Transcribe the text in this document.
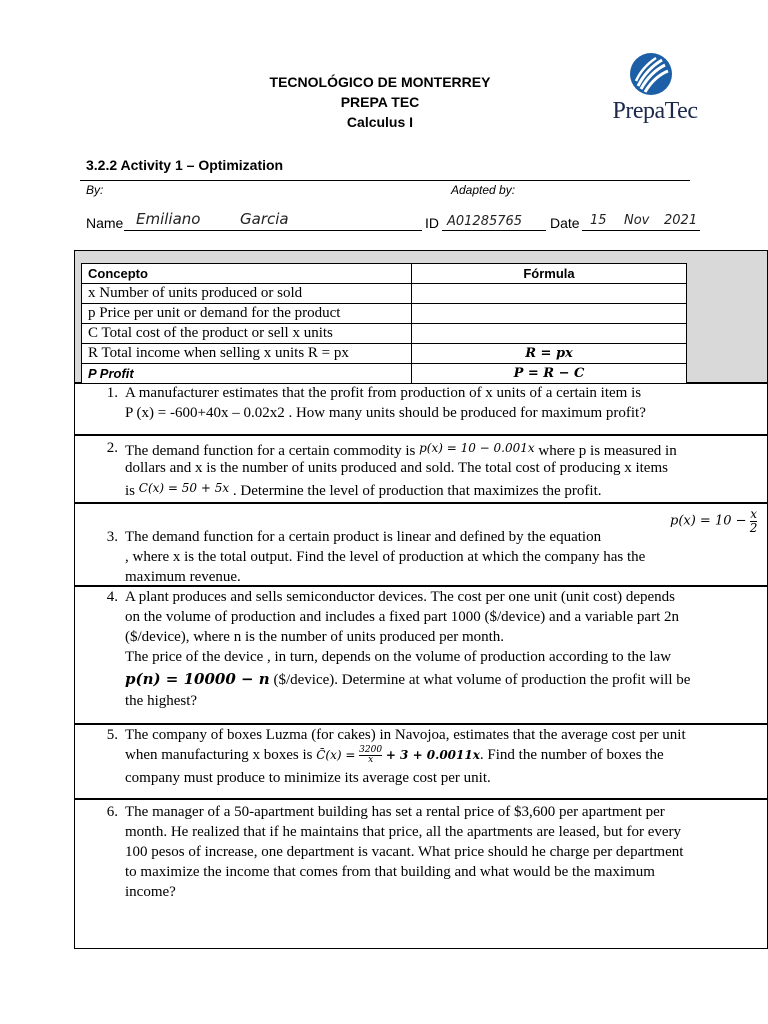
TECNOLÓGICO DE MONTERREY
PREPA TEC
Calculus I	PrepaTec
3.2.2 Activity 1 – Optimization
By:	Adapted by:
Name Emiliano	Garcia	ID A01285765 Date 15 Nov 2021
Concepto	Fórmula
x Number of units produced or sold	
p Price per unit or demand for the product	
C Total cost of the product or sell x units	
R Total income when selling x units R = px	R = px
P Profit	P = R − C
1. A manufacturer estimates that the profit from production of x units of a certain item is
P (x) = -600+40x – 0.02x2 . How many units should be produced for maximum profit?
2. The demand function for a certain commodity is $^{p(x) = 10 - 0.001x}$ where p is measured in
dollars and x is the number of units produced and sold. The total cost of producing x items
is $^{C(x) = 50 + 5x}$ . Determine the level of production that maximizes the profit.
$p(x) = 10 - \frac{x}{2}$
3. The demand function for a certain product is linear and defined by the equation
, where x is the total output. Find the level of production at which the company has the
maximum revenue.
4. A plant produces and sells semiconductor devices. The cost per one unit (unit cost) depends
on the volume of production and includes a fixed part 1000 ($/device) and a variable part 2n
($/device), where n is the number of units produced per month.
The price of the device , in turn, depends on the volume of production according to the law
p(n) = 10000 − n ($/device). Determine at what volume of production the profit will be
the highest?
5. The company of boxes Luzma (for cakes) in Navojoa, estimates that the average cost per unit
when manufacturing x boxes is C̄(x) = $\frac{3200}{x} + 3 + 0.0011x$. Find the number of boxes the
company must produce to minimize its average cost per unit.
6. The manager of a 50-apartment building has set a rental price of $3,600 per apartment per
month. He realized that if he maintains that price, all the apartments are leased, but for every
100 pesos of increase, one department is vacant. What price should he charge per department
to maximize the income that comes from that building and what would be the maximum
income?
